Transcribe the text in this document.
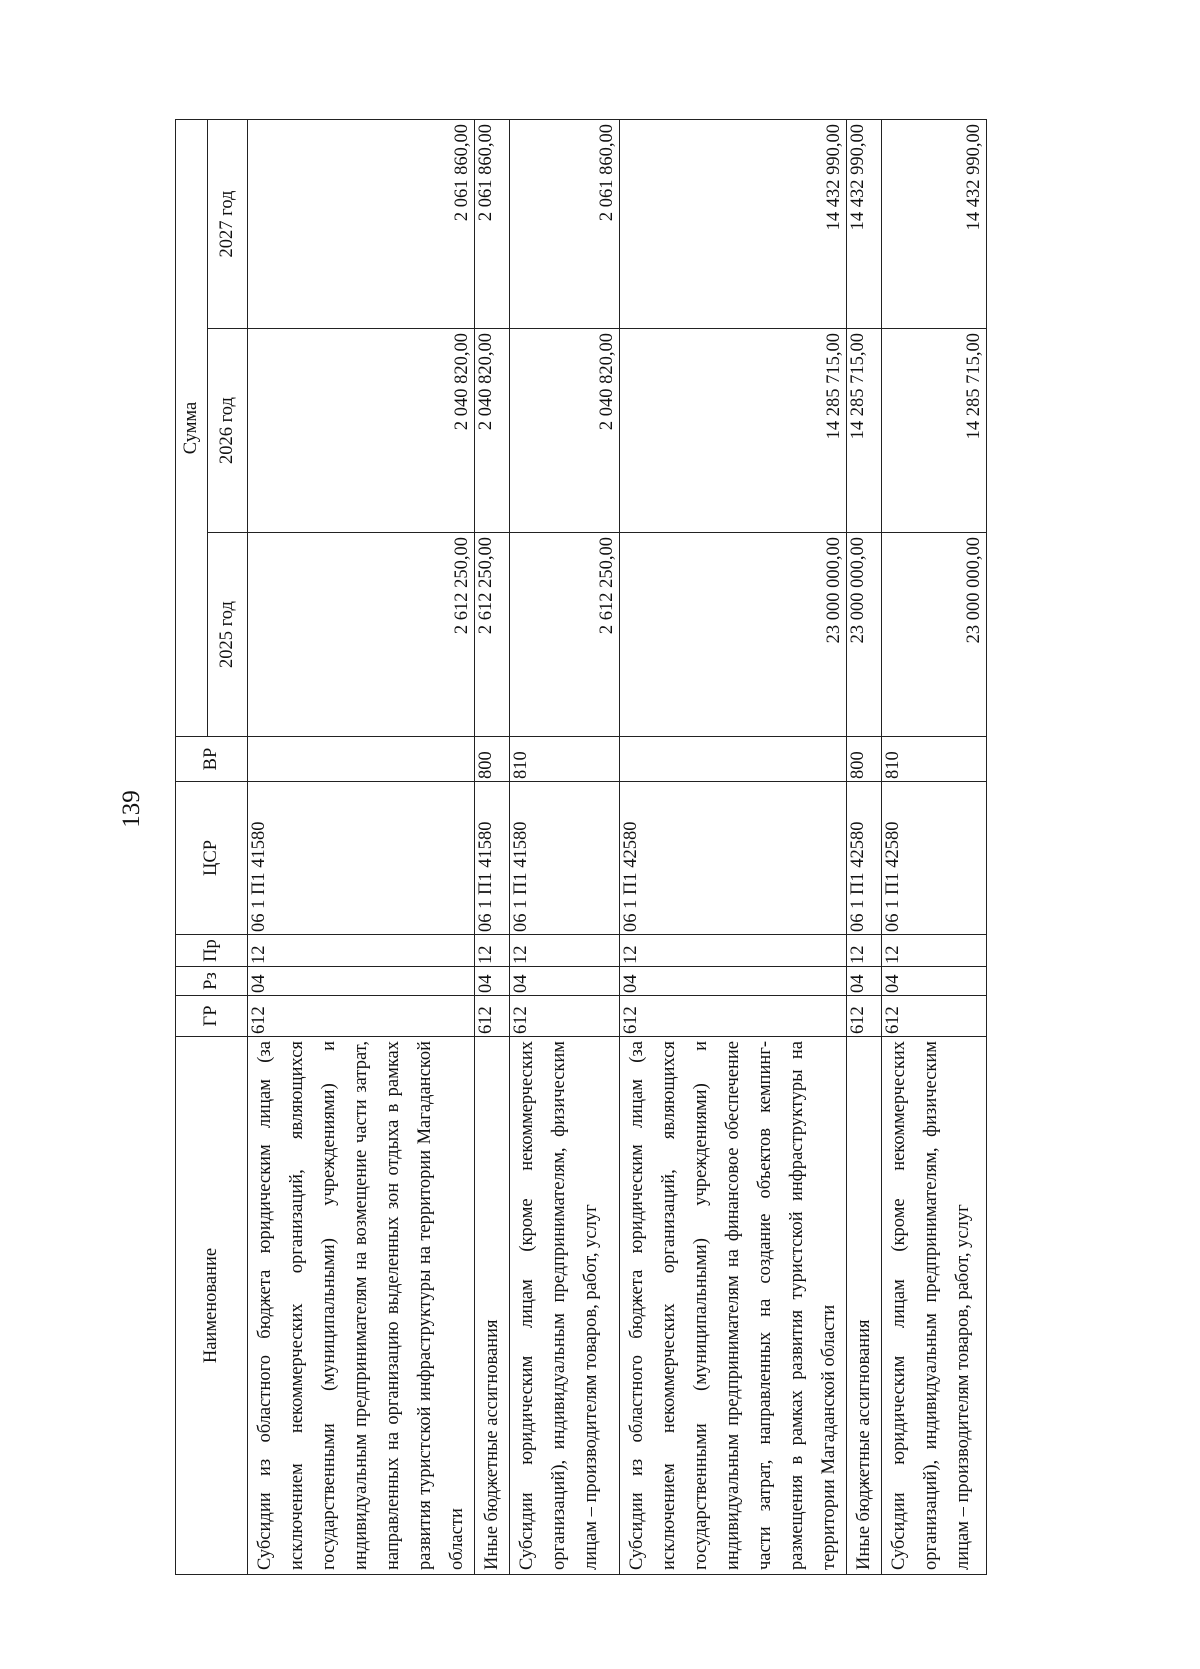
139
Наименование	ГР	Рз	Пр	ЦСР	ВР	Сумма		
						2025 год	2026 год	2027 год
Субсидии из областного бюджета юридическим лицам (за исключением некоммерческих организаций, являющихся государственными (муниципальными) учреждениями) и индивидуальным предпринимателям на возмещение части затрат, направленных на организацию выделенных зон отдыха в рамках развития туристской инфраструктуры на территории Магаданской области	612	04	12	06 1 П1 41580		2 612 250,00	2 040 820,00	2 061 860,00
Иные бюджетные ассигнования	612	04	12	06 1 П1 41580	800	2 612 250,00	2 040 820,00	2 061 860,00
Субсидии юридическим лицам (кроме некоммерческих организаций), индивидуальным предпринимателям, физическим лицам – производителям товаров, работ, услуг	612	04	12	06 1 П1 41580	810	2 612 250,00	2 040 820,00	2 061 860,00
Субсидии из областного бюджета юридическим лицам (за исключением некоммерческих организаций, являющихся государственными (муниципальными) учреждениями) и индивидуальным предпринимателям на финансовое обеспечение части затрат, направленных на создание объектов кемпинг-размещения в рамках развития туристской инфраструктуры на территории Магаданской области	612	04	12	06 1 П1 42580		23 000 000,00	14 285 715,00	14 432 990,00
Иные бюджетные ассигнования	612	04	12	06 1 П1 42580	800	23 000 000,00	14 285 715,00	14 432 990,00
Субсидии юридическим лицам (кроме некоммерческих организаций), индивидуальным предпринимателям, физическим лицам – производителям товаров, работ, услуг	612	04	12	06 1 П1 42580	810	23 000 000,00	14 285 715,00	14 432 990,00
